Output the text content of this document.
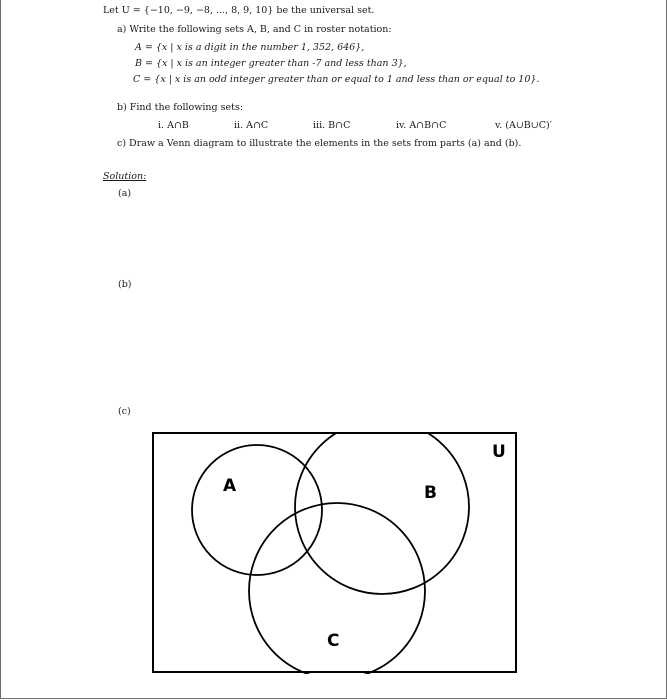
Let U = {−10, −9, −8, ..., 8, 9, 10} be the universal set.
a) Write the following sets A, B, and C in roster notation:
A = {x | x is a digit in the number 1, 352, 646},
B = {x | x is an integer greater than -7 and less than 3},
C = {x | x is an odd integer greater than or equal to 1 and less than or equal to 10}.
b) Find the following sets:
i. A∩B	ii. A∩C	iii. B∩C	iv. A∩B∩C	v. (A∪B∪C)′
c) Draw a Venn diagram to illustrate the elements in the sets from parts (a) and (b).
Solution:
(a)
(b)
(c)
U
A	B
C
